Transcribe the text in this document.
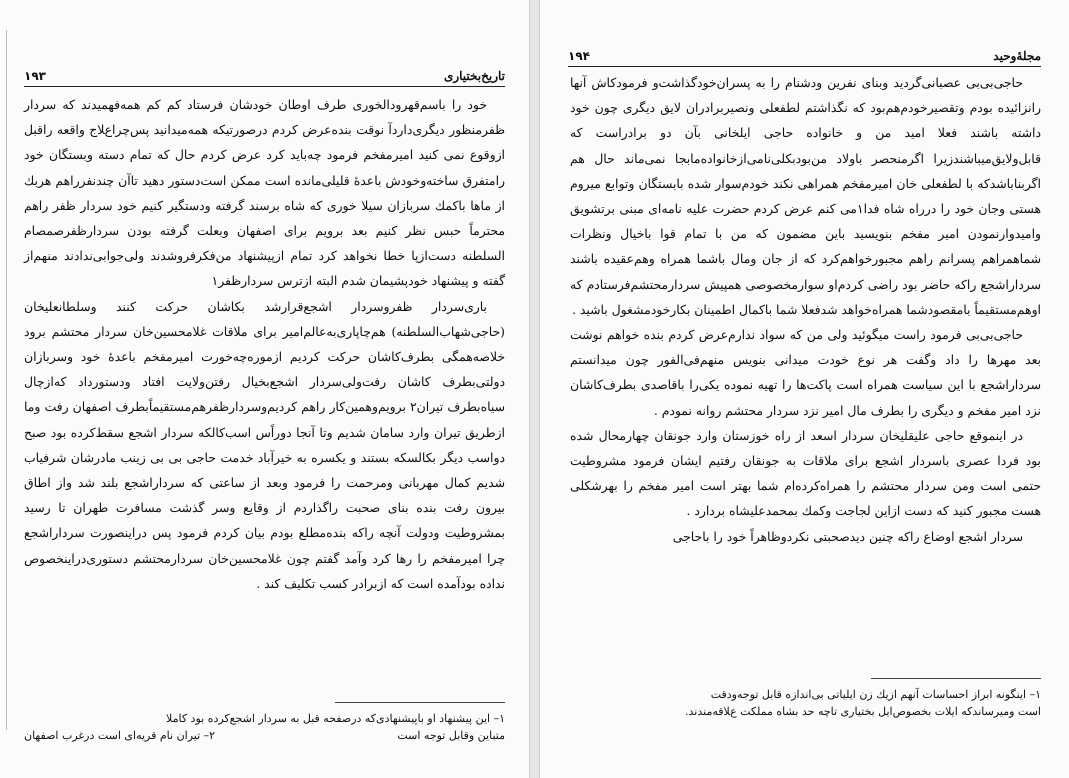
تاریخ‌بختیاری
۱۹۳

خود را باسم‌قهرودالخوری طرف اوطان خودشان فرستاد کم کم همه‌فهمیدند که سردار ظفرمنظور دیگری‌داردآ نوقت بنده‌عرض کردم درصورتیکه همه‌میدانید پس‌چرا‌عﻼج واقعه راقبل ازوقوع نمی کنید امیرمفخم فرمود چه‌باید کرد عرض کردم حال که تمام دسته وبستگان خود رامتفرق ساخته‌وخودش باعدهٔ قلیلی‌مانده است ممکن است‌دستور دهید تاآن چندنفرراهم هربك از ماها باکمك سربازان سیلا خوری که شاه برسند گرفته ودستگیر کنیم خود سردار ظفر راهم محترماً حبس نظر کنیم بعد برویم برای اصفهان وبعلت گرفته بودن سردارظفرصمصام السلطنه دست‌ازپا خطا نخواهد کرد تمام ازپیشنهاد من‌فکرفروشدند ولی‌جوابی‌ندادند منهم‌از گفته و پیشنهاد خودپشیمان شدم البته ازترس سردارظفر۱

باری‌سردار ظفروسردار اشجع‌قرارشد بکاشان حرکت کنند وسلطانعلیخان (حاجی‌شهاب‌السلطنه) هم‌چاپاری‌به‌عالم‌امیر برای ملاقات غلامحسین‌خان سردار محتشم برود خلاصه‌همگی بطرف‌کاشان حرکت کردیم ازموره‌چه‌خورت امیرمفخم باعدهٔ خود وسربازان دولتی‌بطرف کاشان رفت‌ولی‌سردار اشجع‌بخیال رفتن‌وﻻیت افتاد ودستورداد که‌ازچال سیاه‌بطرف تیران۲ برویم‌وهمین‌کار راهم کردیم‌وسردارظفرهم‌مستقیماً‌بطرف اصفهان رفت وما ازطریق تیران وارد سامان شدیم وتا آنجا دوراًس اسب‌کالکه سردار اشجع سقط‌کرده بود صبح دواسب دیگر بکالسکه بستند و یکسره به خیرآباد خدمت حاجی بی بی زینب مادرشان شرفیاب شدیم کمال مهربانی ومرحمت را فرمود وبعد از ساعتی که سرداراشجع بلند شد واز اطاق بیرون رفت بنده بنای صحبت راگذاردم از وقایع وسر گذشت مسافرت طهران تا رسید بمشروطیت ودولت آنچه راکه بنده‌مطلع بودم بیان کردم فرمود پس دراینصورت سرداراشجع چرا امیرمفخم را رها کرد وآمد گفتم چون غلامحسین‌خان سردارمحتشم دستوری‌دراینخصوص نداده بودآمده است که ازبرادر کسب تکلیف کند .

۱– این پیشنهاد او باپیشنهادی‌که درصفحه قبل به سردار اشجع‌کرده بود کاملا

متباین وقابل توجه است
۲– تیران نام قریه‌ای است درغرب اصفهان
مجلهٔ‌وحید
۱۹۴

حاجی‌بی‌بی عصبانی‌گردید وبنای نفرین ودشنام را به پسران‌خود‌گذاشت‌و فرمودکاش آنها رانزائیده بودم وتقصیرخودم‌هم‌بود که نگذاشتم لطفعلی ونصیر‌برادران ﻻیق دیگری چون خود داشته باشند فعلا امید من و خانواده حاجی ایلخانی بآن دو برادراست که قابل‌وﻻیق‌میباشندزیرا اگرمنحصر باوﻻد من‌بودبکلی‌نامی‌ازخانواده‌ما‌بجا نمی‌ماند حال هم اگربناباشدکه با لطفعلی خان امیرمفخم همراهی نکند خودم‌سوار شده بابستگان وتوابع میروم هستی وجان خود را درراه شاه فدا۱می کنم عرض کردم حضرت علیه نامه‌ای مبنی برتشویق وامیدوارنمودن امیر مفخم بنویسید باین مضمون که من با تمام قوا باخیال ونظرات شماهمراهم پسرانم راهم مجبورخواهم‌کرد که از جان ومال باشما همراه وهم‌عقیده باشند سرداراشجع راکه حاضر بود راضی کردم‌او سوارمخصوصی همپیش سردارمحتشم‌فرستادم که اوهم‌مستقیماً بامقصودشما همراه‌خواهد شدفعلا شما باکمال اطمینان بکارخودمشغول باشید .

حاجی‌بی‌بی فرمود راست میگوئید ولی من که سواد ندارم‌عرض کردم بنده خواهم نوشت بعد مهرها را داد وگفت هر نوع خودت میدانی بنویس منهم‌فی‌الفور چون میدانستم سرداراشجع با این سیاست همراه است پاکت‌ها را تهیه نموده یکی‌را باقاصدی بطرف‌کاشان نزد امیر مفخم و دیگری را بطرف مال امیر نزد سردار محتشم روانه نمودم .

در اینموقع حاجی علیقلیخان سردار اسعد از راه خوزستان وارد جونقان چهارمحال شده بود فردا عصری باسردار اشجع برای ملاقات به جونقان رفتیم ایشان فرمود مشروطیت حتمی است ومن سردار محتشم را همراه‌کرده‌ام شما بهتر است امیر مفخم را بهرشکلی هست مجبور کنید که دست ازاین لجاجت وکمك بمحمدعلیشاه بردارد .

سردار اشجع اوضاع راکه چنین دیدصحبتی نکردوظاهراً خود را باحاجی

۱– اینگونه ابراز احساسات آنهم ازیك زن ایلیاتی بی‌اندازه قابل توجه‌ودقت

است ومیرساندکه ایلات بخصوص‌ایل بختیاری تاچه حد بشاه مملکت عﻼقه‌مندند.
